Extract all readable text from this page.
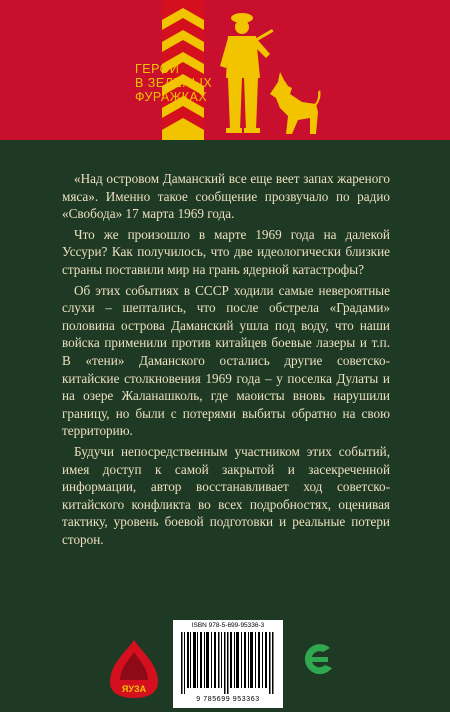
ГЕРОИ
В ЗЕЛЕНЫХ
ФУРАЖКАХ

«Над островом Даманский все еще веет запах жареного мяса». Именно такое сообщение прозвучало по радио «Свобода» 17 марта 1969 года.

Что же произошло в марте 1969 года на далекой Уссури? Как получилось, что две идеологически близкие страны поставили мир на грань ядерной катастрофы?

Об этих событиях в СССР ходили самые невероятные слухи – шептались, что после обстрела «Градами» половина острова Даманский ушла под воду, что наши войска применили против китайцев боевые лазеры и т.п. В «тени» Даманского остались другие советско-китайские столкновения 1969 года – у поселка Дулаты и на озере Жаланашколь, где маоисты вновь нарушили границу, но были с потерями выбиты обратно на свою территорию.

Будучи непосредственным участником этих событий, имея доступ к самой закрытой и засекреченной информации, автор восстанавливает ход советско-китайского конфликта во всех подробностях, оценивая тактику, уровень боевой подготовки и реальные потери сторон.

ЯУЗА
ISBN 978-5-699-95336-3
9 785699 953363
